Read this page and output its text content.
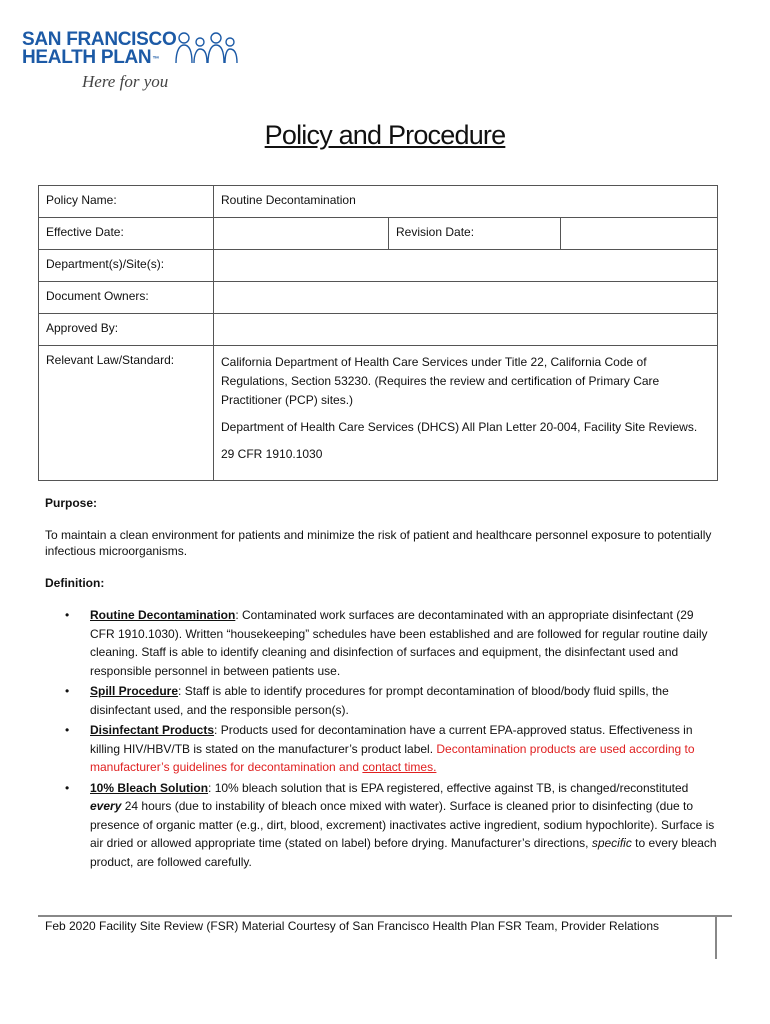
SAN FRANCISCO
HEALTH PLAN™
Here for you
Policy and Procedure
Policy Name:	Routine Decontamination		
Effective Date:		Revision Date:	
Department(s)/Site(s):			
Document Owners:			
Approved By:			
Relevant Law/Standard:	California Department of Health Care Services under Title 22, California Code of Regulations, Section 53230. (Requires the review and certification of Primary Care Practitioner (PCP) sites.)

Department of Health Care Services (DHCS) All Plan Letter 20-004, Facility Site Reviews.

29 CFR 1910.1030		

Purpose:
To maintain a clean environment for patients and minimize the risk of patient and healthcare personnel exposure to potentially infectious microorganisms.
Definition:
• Routine Decontamination: Contaminated work surfaces are decontaminated with an appropriate disinfectant (29 CFR 1910.1030). Written “housekeeping” schedules have been established and are followed for regular routine daily cleaning. Staff is able to identify cleaning and disinfection of surfaces and equipment, the disinfectant used and responsible personnel in between patients use.
• Spill Procedure: Staff is able to identify procedures for prompt decontamination of blood/body fluid spills, the disinfectant used, and the responsible person(s).
• Disinfectant Products: Products used for decontamination have a current EPA-approved status. Effectiveness in killing HIV/HBV/TB is stated on the manufacturer’s product label. Decontamination products are used according to manufacturer’s guidelines for decontamination and contact times.
• 10% Bleach Solution: 10% bleach solution that is EPA registered, effective against TB, is changed/reconstituted every 24 hours (due to instability of bleach once mixed with water). Surface is cleaned prior to disinfecting (due to presence of organic matter (e.g., dirt, blood, excrement) inactivates active ingredient, sodium hypochlorite). Surface is air dried or allowed appropriate time (stated on label) before drying. Manufacturer’s directions, specific to every bleach product, are followed carefully.
Feb 2020 Facility Site Review (FSR) Material Courtesy of San Francisco Health Plan FSR Team, Provider Relations
